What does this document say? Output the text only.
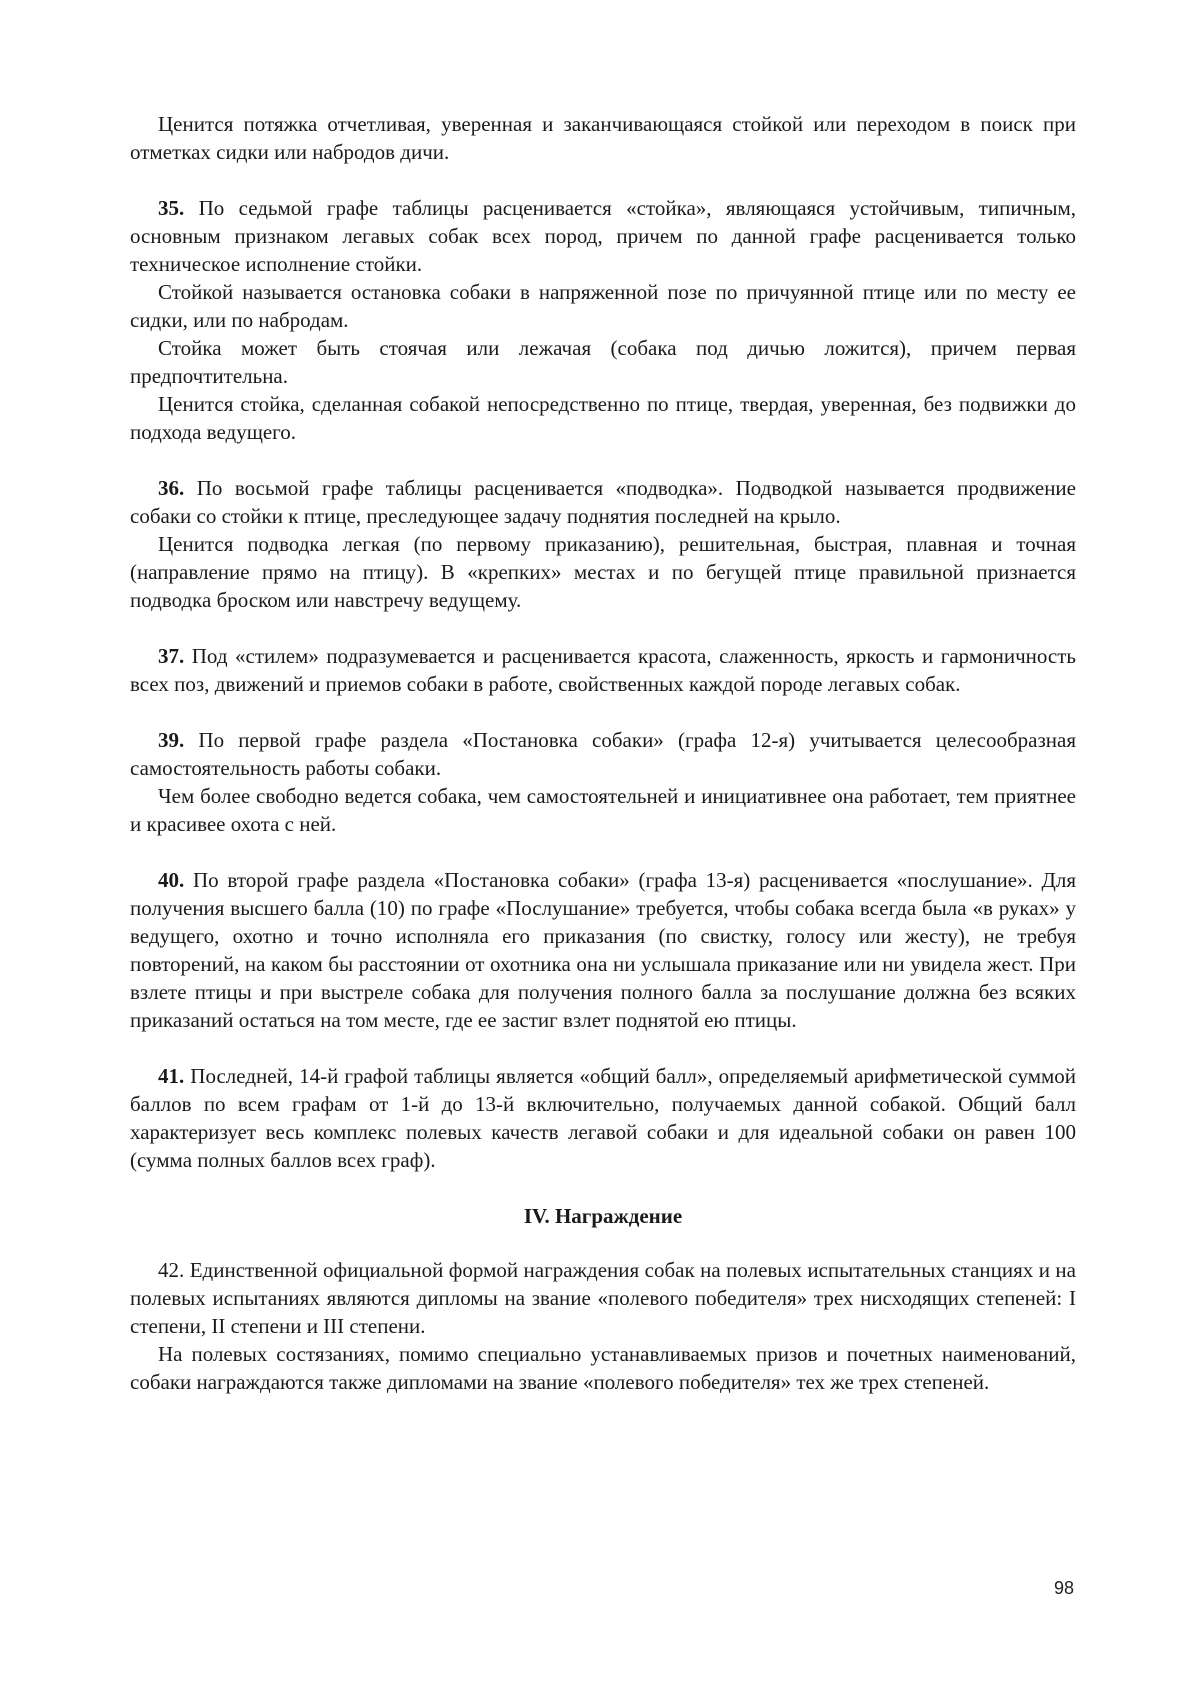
Ценится потяжка отчетливая, уверенная и заканчивающаяся стойкой или переходом в поиск при отметках сидки или набродов дичи.

35. По седьмой графе таблицы расценивается «стойка», являющаяся устойчивым, типичным, основным признаком легавых собак всех пород, причем по данной графе расценивается только техническое исполнение стойки.

Стойкой называется остановка собаки в напряженной позе по причуянной птице или по месту ее сидки, или по набродам.

Стойка может быть стоячая или лежачая (собака под дичью ложится), причем первая предпочтительна.

Ценится стойка, сделанная собакой непосредственно по птице, твердая, уверенная, без подвижки до подхода ведущего.

36. По восьмой графе таблицы расценивается «подводка». Подводкой называется продвижение собаки со стойки к птице, преследующее задачу поднятия последней на крыло.

Ценится подводка легкая (по первому приказанию), решительная, быстрая, плавная и точная (направление прямо на птицу). В «крепких» местах и по бегущей птице правильной признается подводка броском или навстречу ведущему.

37. Под «стилем» подразумевается и расценивается красота, слаженность, яркость и гармоничность всех поз, движений и приемов собаки в работе, свойственных каждой породе легавых собак.

39. По первой графе раздела «Постановка собаки» (графа 12-я) учитывается целесообразная самостоятельность работы собаки.

Чем более свободно ведется собака, чем самостоятельней и инициативнее она работает, тем приятнее и красивее охота с ней.

40. По второй графе раздела «Постановка собаки» (графа 13-я) расценивается «послушание». Для получения высшего балла (10) по графе «Послушание» требуется, чтобы собака всегда была «в руках» у ведущего, охотно и точно исполняла его приказания (по свистку, голосу или жесту), не требуя повторений, на каком бы расстоянии от охотника она ни услышала приказание или ни увидела жест. При взлете птицы и при выстреле собака для получения полного балла за послушание должна без всяких приказаний остаться на том месте, где ее застиг взлет поднятой ею птицы.

41. Последней, 14-й графой таблицы является «общий балл», определяемый арифметической суммой баллов по всем графам от 1-й до 13-й включительно, получаемых данной собакой. Общий балл характеризует весь комплекс полевых качеств легавой собаки и для идеальной собаки он равен 100 (сумма полных баллов всех граф).

IV. Награждение

42. Единственной официальной формой награждения собак на полевых испытательных станциях и на полевых испытаниях являются дипломы на звание «полевого победителя» трех нисходящих степеней: I степени, II степени и III степени.

На полевых состязаниях, помимо специально устанавливаемых призов и почетных наименований, собаки награждаются также дипломами на звание «полевого победителя» тех же трех степеней.

98
